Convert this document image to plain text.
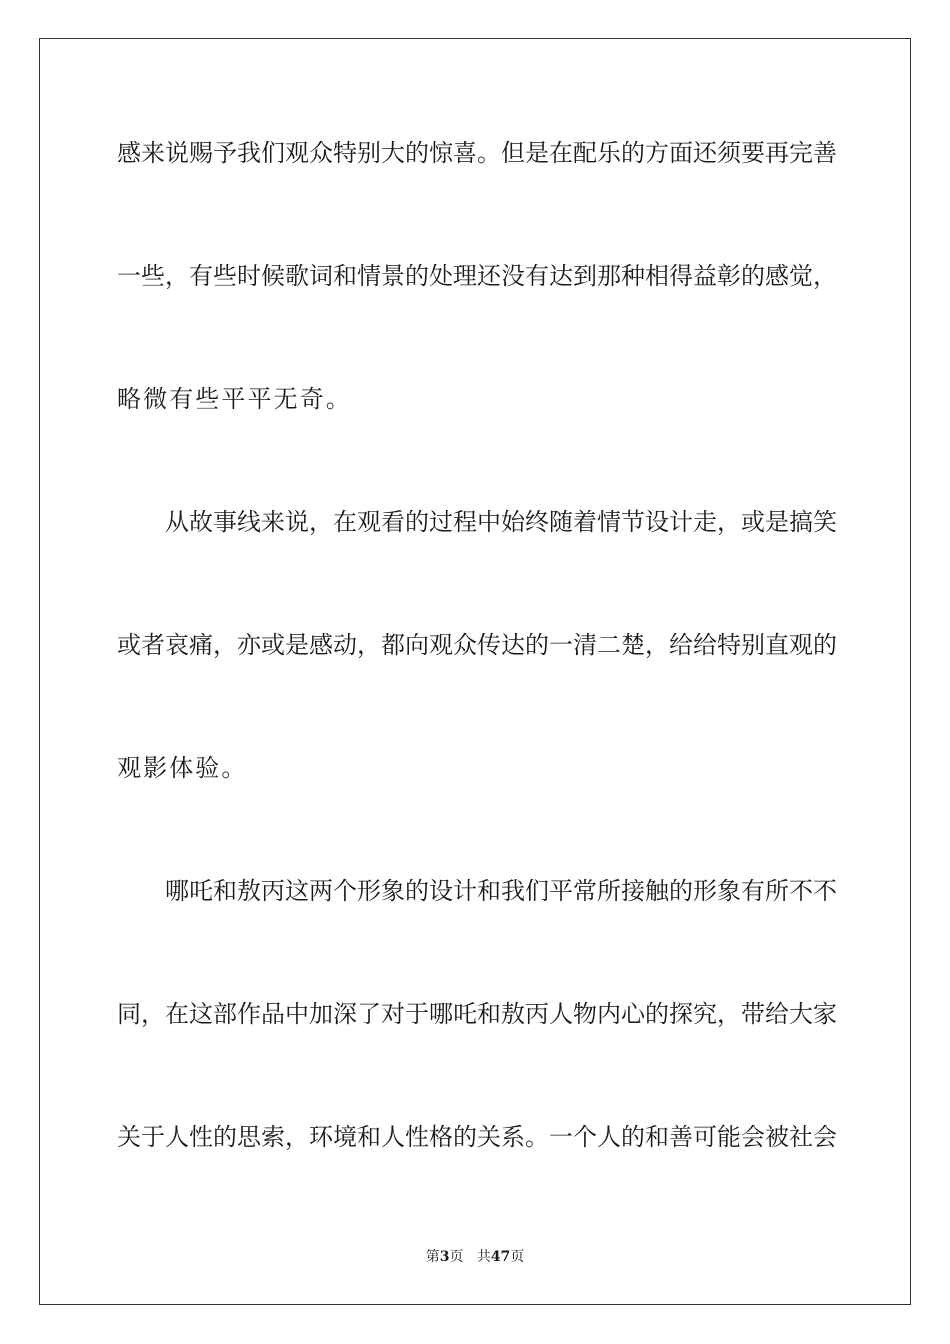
感来说赐予我们观众特别大的惊喜。但是在配乐的方面还须要再完善
一些，有些时候歌词和情景的处理还没有达到那种相得益彰的感觉，
略微有些平平无奇。
从故事线来说，在观看的过程中始终随着情节设计走，或是搞笑
或者哀痛，亦或是感动，都向观众传达的一清二楚，给给特别直观的
观影体验。
哪吒和敖丙这两个形象的设计和我们平常所接触的形象有所不不
同，在这部作品中加深了对于哪吒和敖丙人物内心的探究，带给大家
关于人性的思索，环境和人性格的关系。一个人的和善可能会被社会
第3页 共47页
